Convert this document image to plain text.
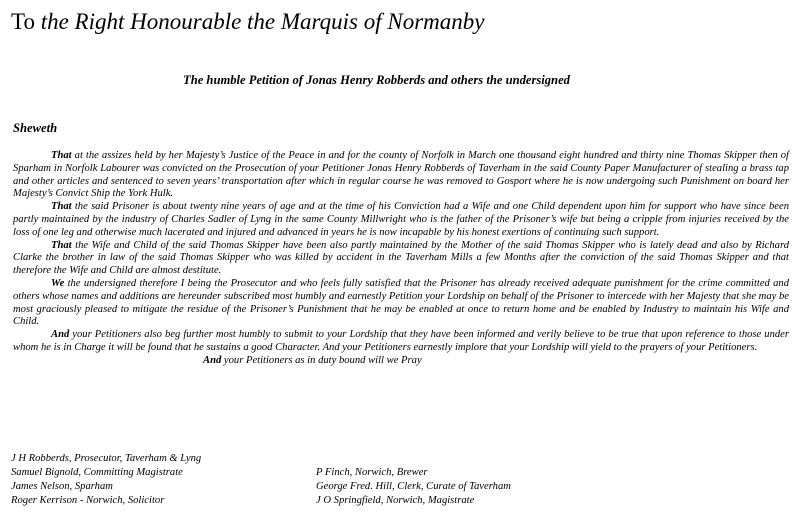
To the Right Honourable the Marquis of Normanby
The humble Petition of Jonas Henry Robberds and others the undersigned
Sheweth

That at the assizes held by her Majesty’s Justice of the Peace in and for the county of Norfolk in March one thousand eight hundred and thirty nine Thomas Skipper then of Sparham in Norfolk Labourer was convicted on the Prosecution of your Petitioner Jonas Henry Robberds of Taverham in the said County Paper Manufacturer of stealing a brass tap and other articles and sentenced to seven years’ transportation after which in regular course he was removed to Gosport where he is now undergoing such Punishment on board her Majesty’s Convict Ship the York Hulk.

That the said Prisoner is about twenty nine years of age and at the time of his Conviction had a Wife and one Child dependent upon him for support who have since been partly maintained by the industry of Charles Sadler of Lyng in the same County Millwright who is the father of the Prisoner’s wife but being a cripple from injuries received by the loss of one leg and otherwise much lacerated and injured and advanced in years he is now incapable by his honest exertions of continuing such support.

That the Wife and Child of the said Thomas Skipper have been also partly maintained by the Mother of the said Thomas Skipper who is lately dead and also by Richard Clarke the brother in law of the said Thomas Skipper who was killed by accident in the Taverham Mills a few Months after the conviction of the said Thomas Skipper and that therefore the Wife and Child are almost destitute.

We the undersigned therefore I being the Prosecutor and who feels fully satisfied that the Prisoner has already received adequate punishment for the crime committed and others whose names and additions are hereunder subscribed most humbly and earnestly Petition your Lordship on behalf of the Prisoner to intercede with her Majesty that she may be most graciously pleased to mitigate the residue of the Prisoner’s Punishment that he may be enabled at once to return home and be enabled by Industry to maintain his Wife and Child.

And your Petitioners also beg further most humbly to submit to your Lordship that they have been informed and verily believe to be true that upon reference to those under whom he is in Charge it will be found that he sustains a good Character. And your Petitioners earnestly implore that your Lordship will yield to the prayers of your Petitioners.

And your Petitioners as in duty bound will we Pray

J H Robberds, Prosecutor, Taverham & Lyng
Samuel Bignold, Committing Magistrate
James Nelson, Sparham
Roger Kerrison - Norwich, Solicitor
P Finch, Norwich, Brewer
George Fred. Hill, Clerk, Curate of Taverham
J O Springfield, Norwich, Magistrate
